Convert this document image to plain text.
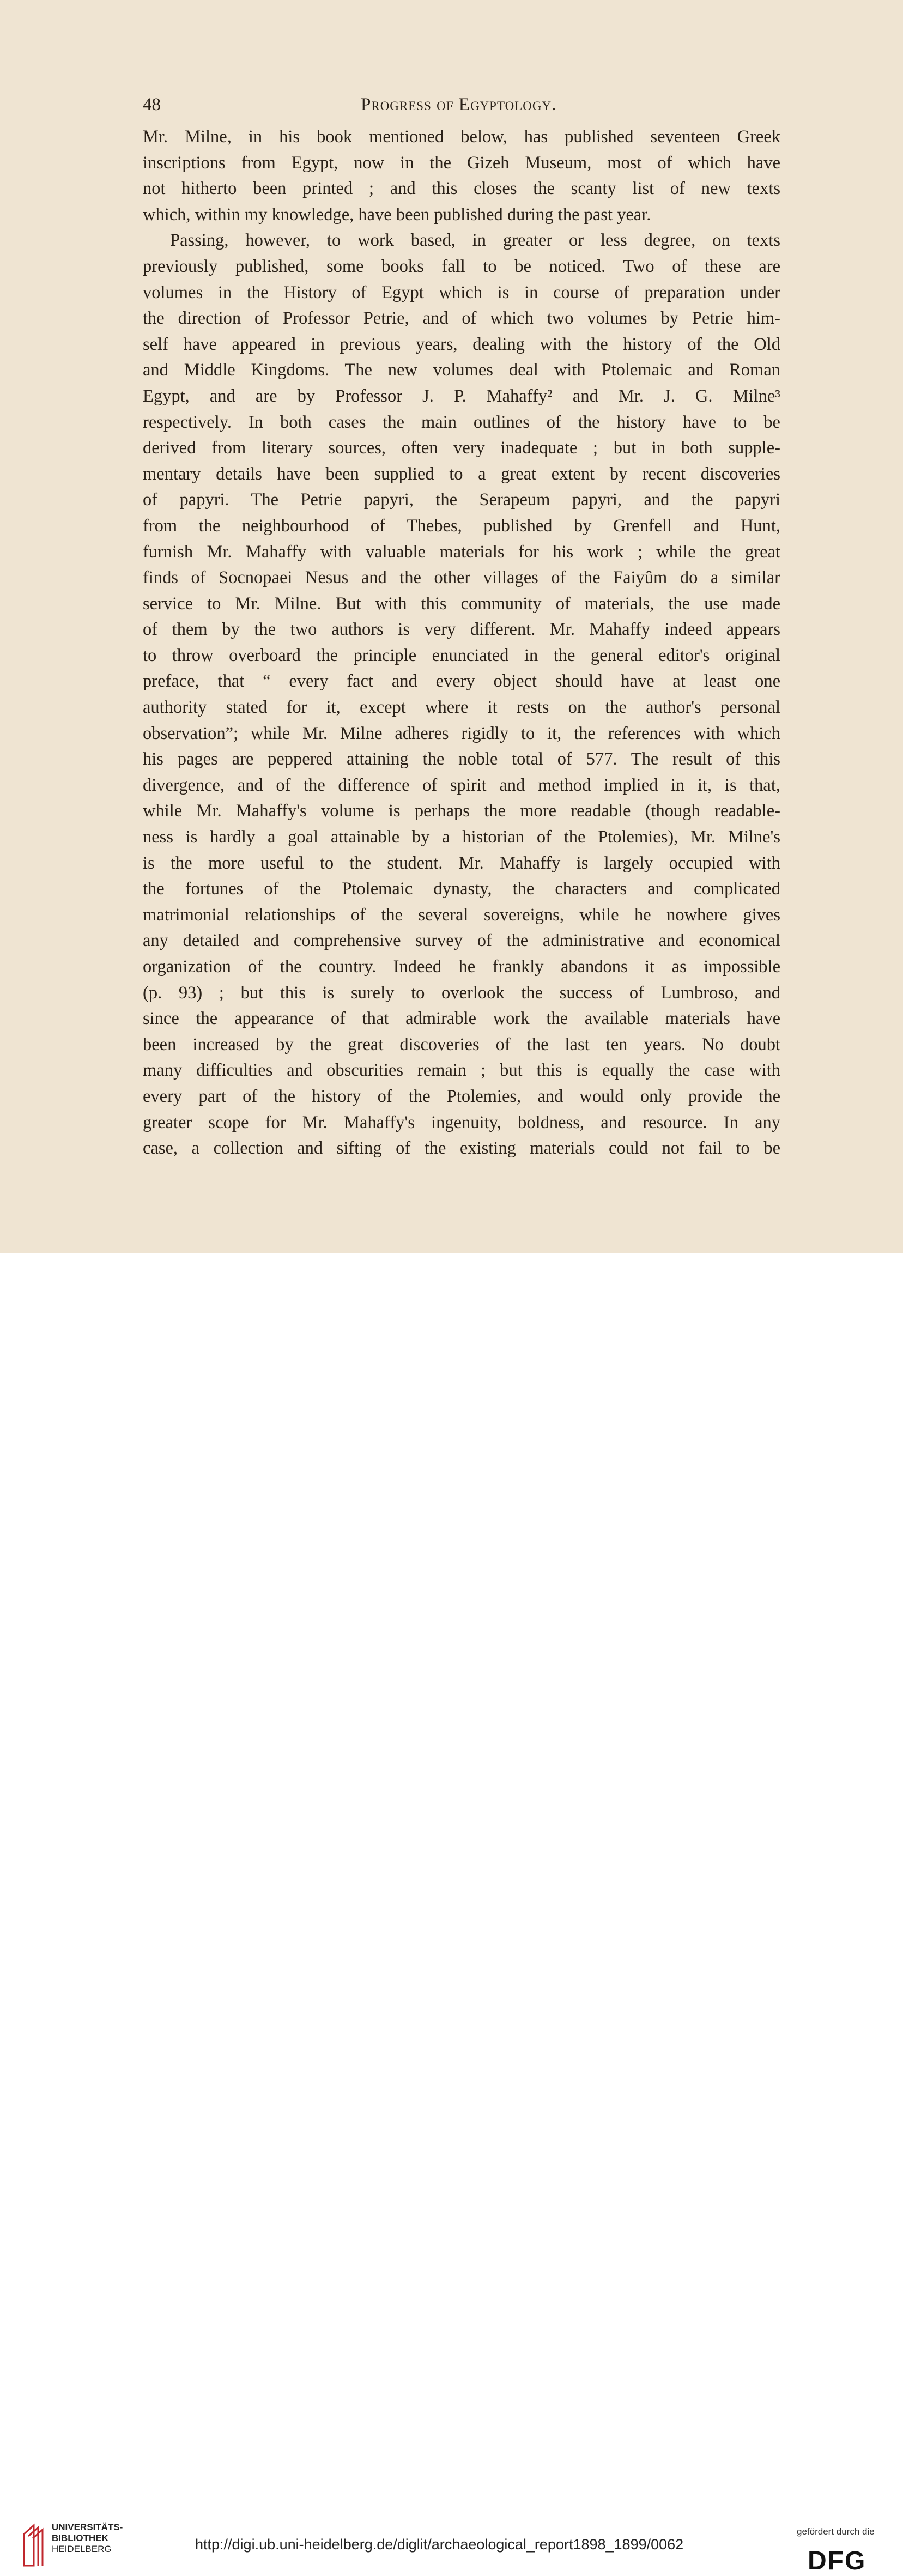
48	Progress of Egyptology.
Mr. Milne, in his book mentioned below, has published seventeen Greek
inscriptions from Egypt, now in the Gizeh Museum, most of which have
not hitherto been printed ; and this closes the scanty list of new texts
which, within my knowledge, have been published during the past year.
Passing, however, to work based, in greater or less degree, on texts
previously published, some books fall to be noticed. Two of these are
volumes in the History of Egypt which is in course of preparation under
the direction of Professor Petrie, and of which two volumes by Petrie him-
self have appeared in previous years, dealing with the history of the Old
and Middle Kingdoms. The new volumes deal with Ptolemaic and Roman
Egypt, and are by Professor J. P. Mahaffy² and Mr. J. G. Milne³
respectively. In both cases the main outlines of the history have to be
derived from literary sources, often very inadequate ; but in both supple-
mentary details have been supplied to a great extent by recent discoveries
of papyri. The Petrie papyri, the Serapeum papyri, and the papyri
from the neighbourhood of Thebes, published by Grenfell and Hunt,
furnish Mr. Mahaffy with valuable materials for his work ; while the great
finds of Socnopaei Nesus and the other villages of the Faiyûm do a similar
service to Mr. Milne. But with this community of materials, the use made
of them by the two authors is very different. Mr. Mahaffy indeed appears
to throw overboard the principle enunciated in the general editor's original
preface, that “ every fact and every object should have at least one
authority stated for it, except where it rests on the author's personal
observation”; while Mr. Milne adheres rigidly to it, the references with which
his pages are peppered attaining the noble total of 577. The result of this
divergence, and of the difference of spirit and method implied in it, is that,
while Mr. Mahaffy's volume is perhaps the more readable (though readable-
ness is hardly a goal attainable by a historian of the Ptolemies), Mr. Milne's
is the more useful to the student. Mr. Mahaffy is largely occupied with
the fortunes of the Ptolemaic dynasty, the characters and complicated
matrimonial relationships of the several sovereigns, while he nowhere gives
any detailed and comprehensive survey of the administrative and economical
organization of the country. Indeed he frankly abandons it as impossible
(p. 93) ; but this is surely to overlook the success of Lumbroso, and
since the appearance of that admirable work the available materials have
been increased by the great discoveries of the last ten years. No doubt
many difficulties and obscurities remain ; but this is equally the case with
every part of the history of the Ptolemies, and would only provide the
greater scope for Mr. Mahaffy's ingenuity, boldness, and resource. In any
case, a collection and sifting of the existing materials could not fail to be
UNIVERSITÄTS-
BIBLIOTHEK
HEIDELBERG	http://digi.ub.uni-heidelberg.de/diglit/archaeological_report1898_1899/0062
gefördert durch die
DFG
